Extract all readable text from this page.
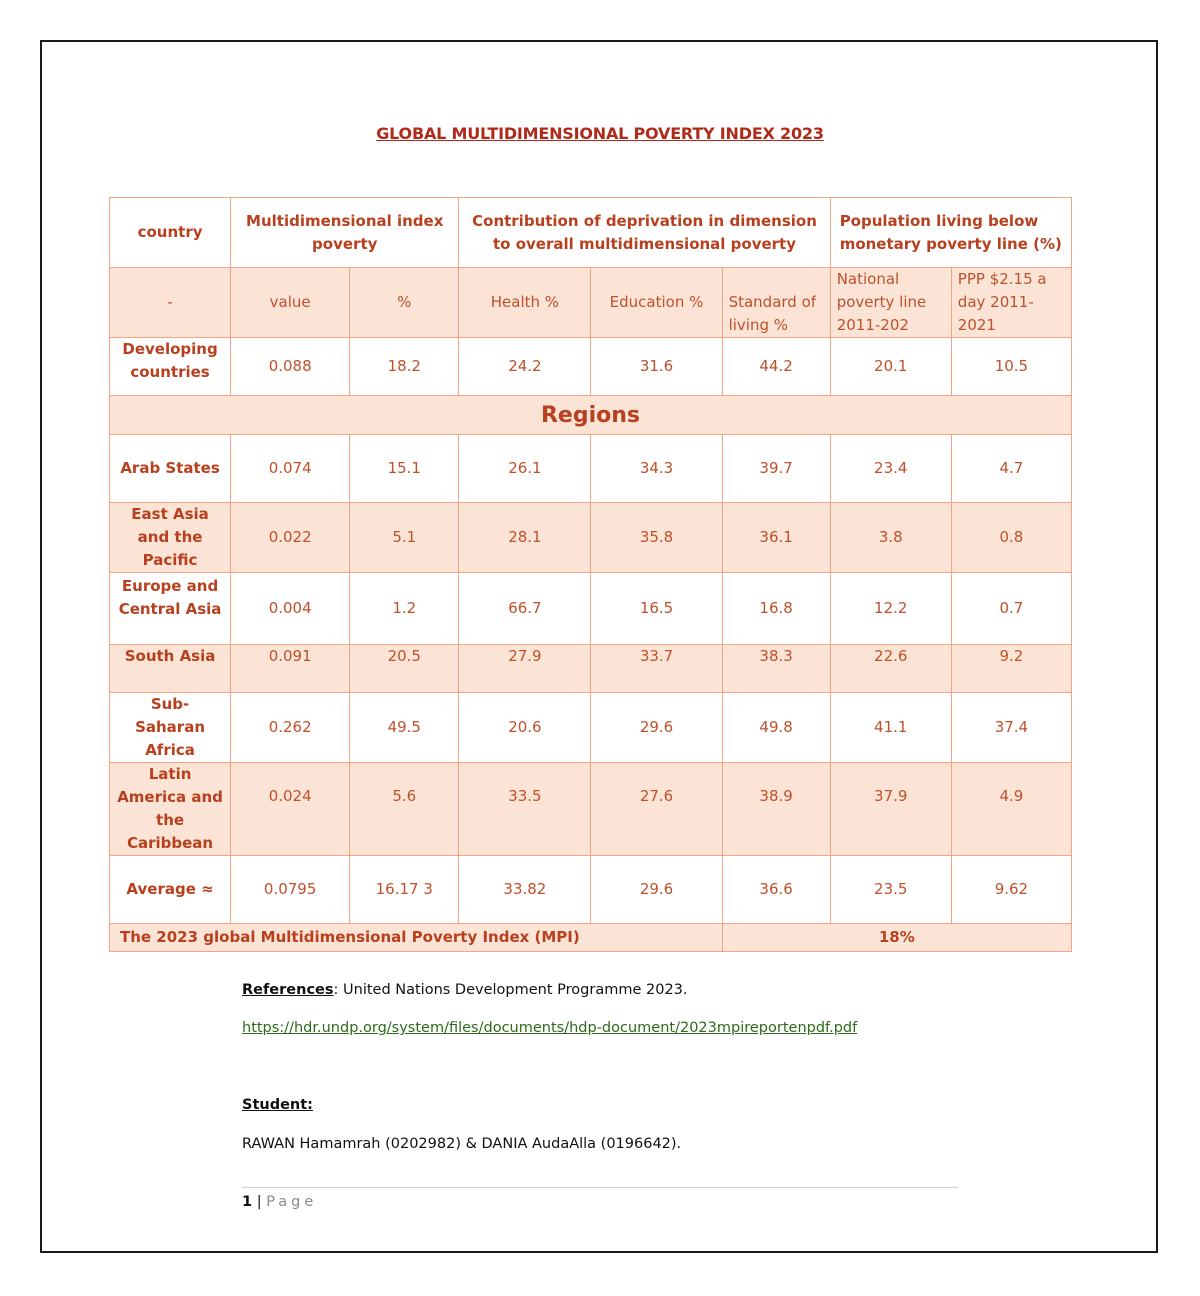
GLOBAL MULTIDIMENSIONAL POVERTY INDEX 2023
country	Multidimensional index poverty		Contribution of deprivation in dimension to overall multidimensional poverty			Population living below monetary poverty line (%)	
-	value	%	Health %	Education %	Standard of living %	National poverty line 2011-202	PPP $2.15 a day 2011-2021
Developing countries	0.088	18.2	24.2	31.6	44.2	20.1	10.5
Regions							
Arab States	0.074	15.1	26.1	34.3	39.7	23.4	4.7
East Asia and the Pacific	0.022	5.1	28.1	35.8	36.1	3.8	0.8
Europe and Central Asia	0.004	1.2	66.7	16.5	16.8	12.2	0.7
South Asia	0.091	20.5	27.9	33.7	38.3	22.6	9.2
Sub-Saharan Africa	0.262	49.5	20.6	29.6	49.8	41.1	37.4
Latin America and the Caribbean	0.024	5.6	33.5	27.6	38.9	37.9	4.9
Average ≈	0.0795	16.17 3	33.82	29.6	36.6	23.5	9.62
The 2023 global Multidimensional Poverty Index (MPI)					18%		
References: United Nations Development Programme 2023.
https://hdr.undp.org/system/files/documents/hdp-document/2023mpireportenpdf.pdf
Student:
RAWAN Hamamrah (0202982) & DANIA AudaAlla (0196642).
1 | Page
